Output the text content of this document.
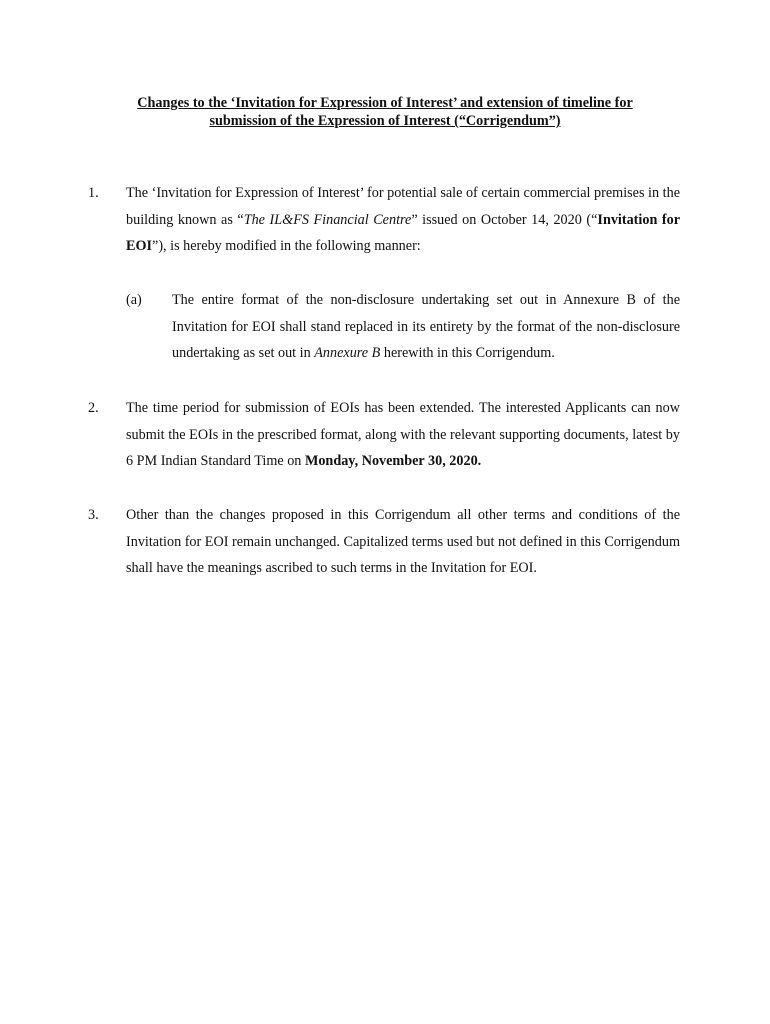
Changes to the ‘Invitation for Expression of Interest’ and extension of timeline for
submission of the Expression of Interest (“Corrigendum”)
1. The ‘Invitation for Expression of Interest’ for potential sale of certain commercial premises in the building known as “The IL&FS Financial Centre” issued on October 14, 2020 (“Invitation for EOI”), is hereby modified in the following manner:
(a) The entire format of the non-disclosure undertaking set out in Annexure B of the Invitation for EOI shall stand replaced in its entirety by the format of the non-disclosure undertaking as set out in Annexure B herewith in this Corrigendum.
2. The time period for submission of EOIs has been extended. The interested Applicants can now submit the EOIs in the prescribed format, along with the relevant supporting documents, latest by 6 PM Indian Standard Time on Monday, November 30, 2020.
3. Other than the changes proposed in this Corrigendum all other terms and conditions of the Invitation for EOI remain unchanged. Capitalized terms used but not defined in this Corrigendum shall have the meanings ascribed to such terms in the Invitation for EOI.
